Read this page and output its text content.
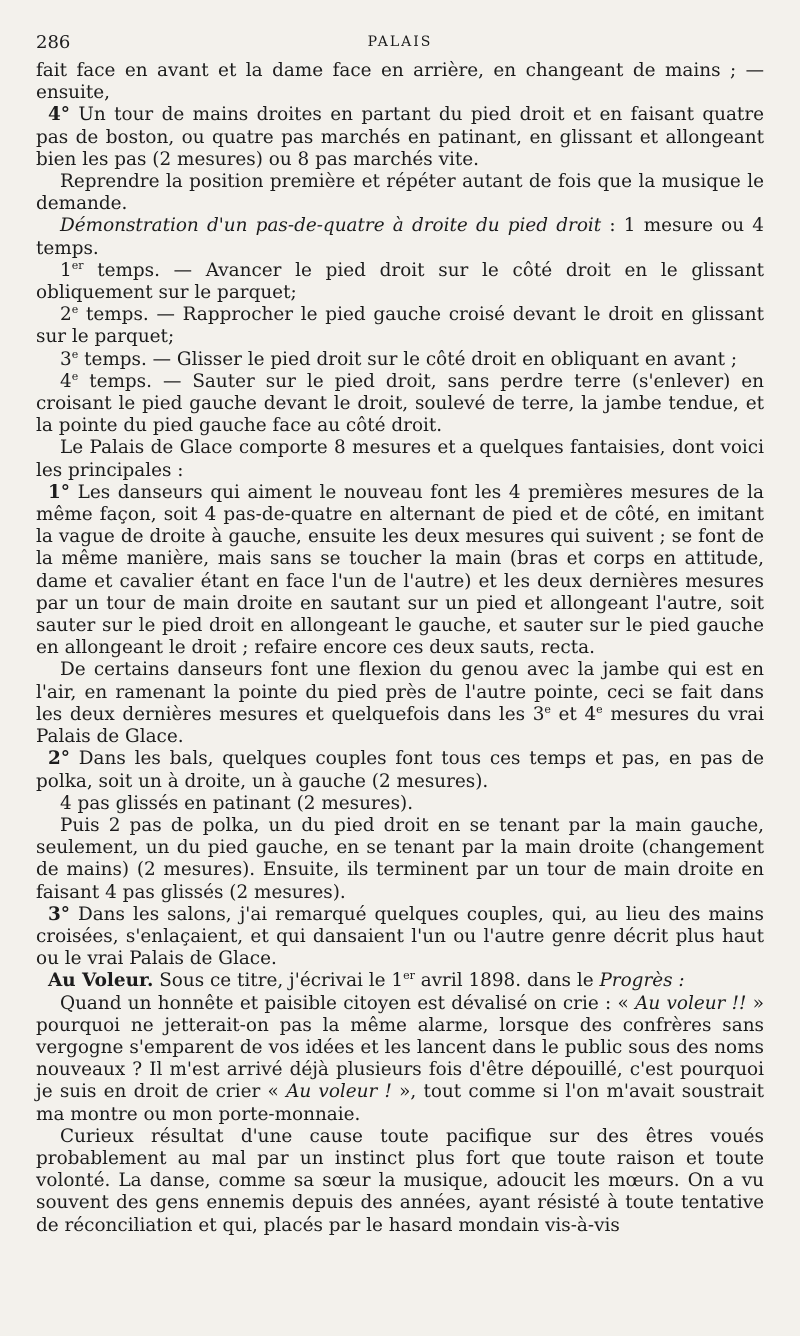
286	PALAIS

fait face en avant et la dame face en arrière, en changeant de mains ; — ensuite,

4° Un tour de mains droites en partant du pied droit et en faisant quatre pas de boston, ou quatre pas marchés en patinant, en glissant et allongeant bien les pas (2 mesures) ou 8 pas marchés vite.

Reprendre la position première et répéter autant de fois que la musique le demande.

Démonstration d'un pas-de-quatre à droite du pied droit : 1 mesure ou 4 temps.

1er temps. — Avancer le pied droit sur le côté droit en le glissant obliquement sur le parquet;

2e temps. — Rapprocher le pied gauche croisé devant le droit en glissant sur le parquet;

3e temps. — Glisser le pied droit sur le côté droit en obliquant en avant ;

4e temps. — Sauter sur le pied droit, sans perdre terre (s'enlever) en croisant le pied gauche devant le droit, soulevé de terre, la jambe tendue, et la pointe du pied gauche face au côté droit.

Le Palais de Glace comporte 8 mesures et a quelques fantaisies, dont voici les principales :

1° Les danseurs qui aiment le nouveau font les 4 premières mesures de la même façon, soit 4 pas-de-quatre en alternant de pied et de côté, en imitant la vague de droite à gauche, ensuite les deux mesures qui suivent ; se font de la même manière, mais sans se toucher la main (bras et corps en attitude, dame et cavalier étant en face l'un de l'autre) et les deux dernières mesures par un tour de main droite en sautant sur un pied et allongeant l'autre, soit sauter sur le pied droit en allongeant le gauche, et sauter sur le pied gauche en allongeant le droit ; refaire encore ces deux sauts, recta.

De certains danseurs font une flexion du genou avec la jambe qui est en l'air, en ramenant la pointe du pied près de l'autre pointe, ceci se fait dans les deux dernières mesures et quelquefois dans les 3e et 4e mesures du vrai Palais de Glace.

2° Dans les bals, quelques couples font tous ces temps et pas, en pas de polka, soit un à droite, un à gauche (2 mesures).

4 pas glissés en patinant (2 mesures).

Puis 2 pas de polka, un du pied droit en se tenant par la main gauche, seulement, un du pied gauche, en se tenant par la main droite (changement de mains) (2 mesures). Ensuite, ils terminent par un tour de main droite en faisant 4 pas glissés (2 mesures).

3° Dans les salons, j'ai remarqué quelques couples, qui, au lieu des mains croisées, s'enlaçaient, et qui dansaient l'un ou l'autre genre décrit plus haut ou le vrai Palais de Glace.

Au Voleur. Sous ce titre, j'écrivai le 1er avril 1898. dans le Progrès :

Quand un honnête et paisible citoyen est dévalisé on crie : « Au voleur !! » pourquoi ne jetterait-on pas la même alarme, lorsque des confrères sans vergogne s'emparent de vos idées et les lancent dans le public sous des noms nouveaux ? Il m'est arrivé déjà plusieurs fois d'être dépouillé, c'est pourquoi je suis en droit de crier « Au voleur ! », tout comme si l'on m'avait soustrait ma montre ou mon porte-monnaie.

Curieux résultat d'une cause toute pacifique sur des êtres voués probablement au mal par un instinct plus fort que toute raison et toute volonté. La danse, comme sa sœur la musique, adoucit les mœurs. On a vu souvent des gens ennemis depuis des années, ayant résisté à toute tentative de réconciliation et qui, placés par le hasard mondain vis-à-vis
